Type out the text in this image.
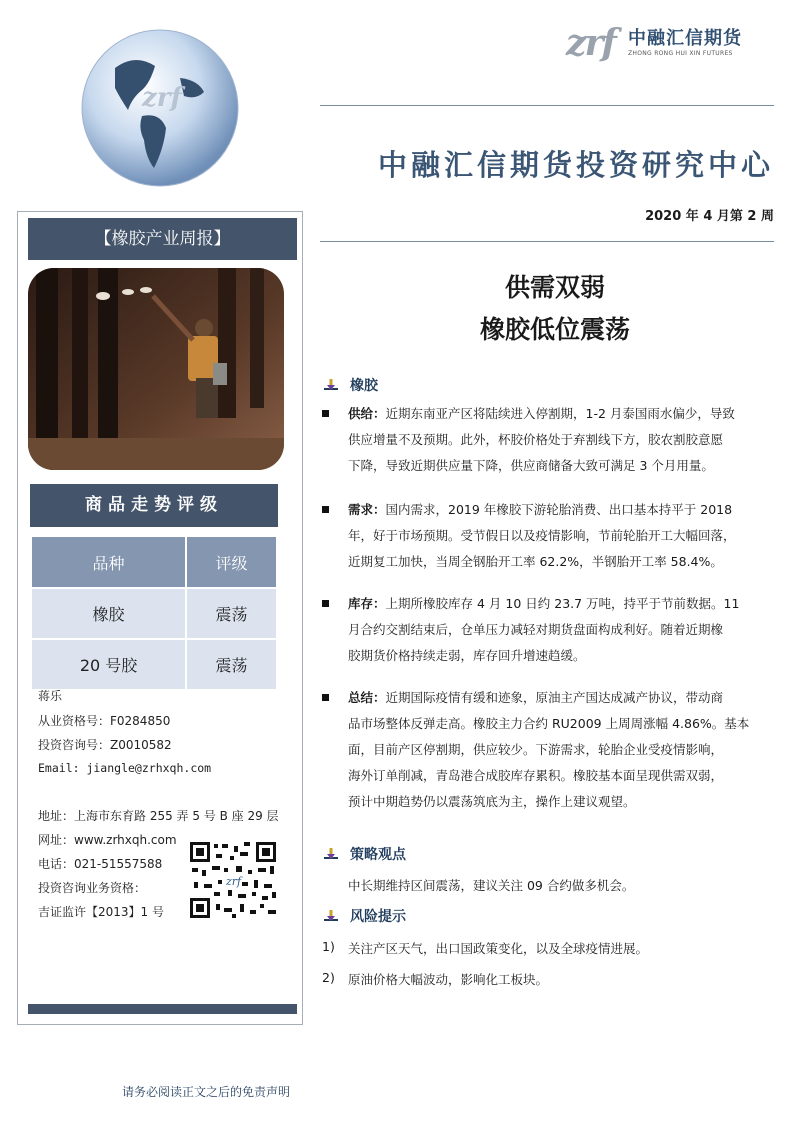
zrf
zrf 中融汇信期货
ZHONG RONG HUI XIN FUTURES
中融汇信期货投资研究中心
2020 年 4 月第 2 周
供需双弱
橡胶低位震荡
【橡胶产业周报】
商品走势评级
品种	评级
橡胶	震荡
20 号胶	震荡
蒋乐
从业资格号：F0284850
投资咨询号：Z0010582
Email: jiangle@zrhxqh.com
地址：上海市东育路 255 弄 5 号 B 座 29 层
网址：www.zrhxqh.com
电话：021-51557588
投资咨询业务资格：
吉证监许【2013】1 号
zrf
橡胶
供给：近期东南亚产区将陆续进入停割期，1-2 月泰国雨水偏少，导致
供应增量不及预期。此外，杯胶价格处于弃割线下方，胶农割胶意愿
下降，导致近期供应量下降，供应商储备大致可满足 3 个月用量。
需求：国内需求，2019 年橡胶下游轮胎消费、出口基本持平于 2018
年，好于市场预期。受节假日以及疫情影响，节前轮胎开工大幅回落，
近期复工加快，当周全钢胎开工率 62.2%，半钢胎开工率 58.4%。
库存：上期所橡胶库存 4 月 10 日约 23.7 万吨，持平于节前数据。11
月合约交割结束后，仓单压力减轻对期货盘面构成利好。随着近期橡
胶期货价格持续走弱，库存回升增速趋缓。
总结：近期国际疫情有缓和迹象，原油主产国达成减产协议，带动商
品市场整体反弹走高。橡胶主力合约 RU2009 上周周涨幅 4.86%。基本
面，目前产区停割期，供应较少。下游需求，轮胎企业受疫情影响，
海外订单削减，青岛港合成胶库存累积。橡胶基本面呈现供需双弱，
预计中期趋势仍以震荡筑底为主，操作上建议观望。
策略观点
中长期维持区间震荡，建议关注 09 合约做多机会。
风险提示
1) 关注产区天气，出口国政策变化，以及全球疫情进展。
2) 原油价格大幅波动，影响化工板块。
请务必阅读正文之后的免责声明
